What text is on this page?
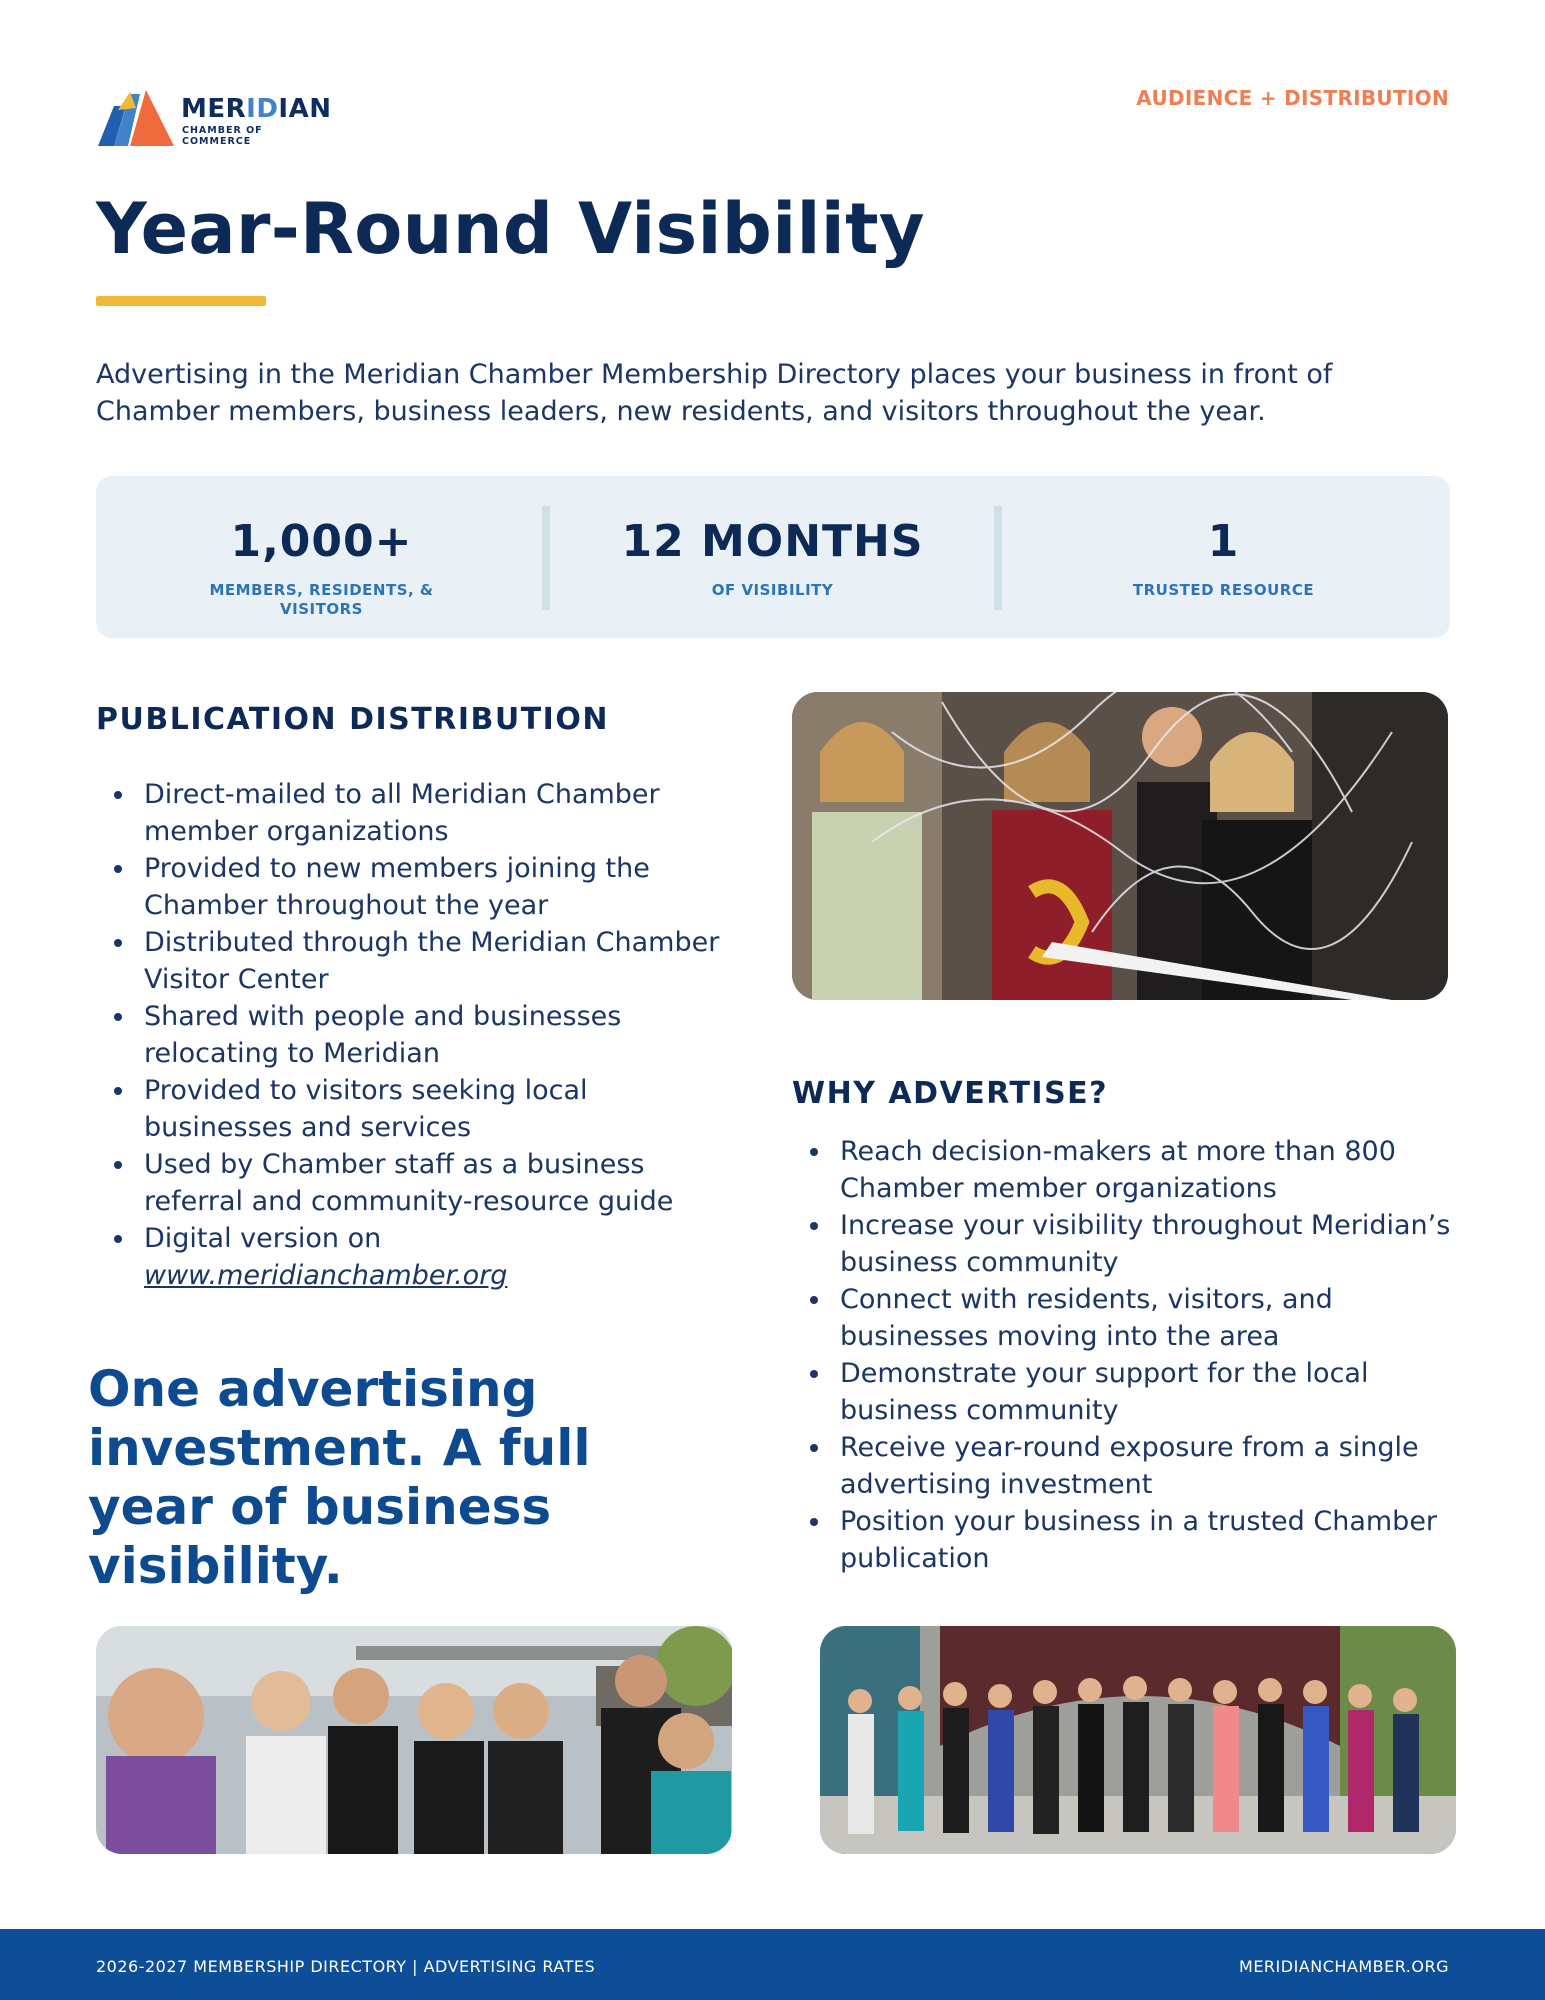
MERIDIAN
CHAMBER OF COMMERCE
AUDIENCE + DISTRIBUTION
Year-Round Visibility

Advertising in the Meridian Chamber Membership Directory places your business in front of Chamber members, business leaders, new residents, and visitors throughout the year.

1,000+
MEMBERS, RESIDENTS, & VISITORS
12 MONTHS
OF VISIBILITY
1
TRUSTED RESOURCE
PUBLICATION DISTRIBUTION
Direct-mailed to all Meridian Chamber member organizations
Provided to new members joining the Chamber throughout the year
Distributed through the Meridian Chamber Visitor Center
Shared with people and businesses relocating to Meridian
Provided to visitors seeking local businesses and services
Used by Chamber staff as a business referral and community-resource guide
Digital version on
www.meridianchamber.org

One advertising investment. A full year of business visibility.

WHY ADVERTISE?
Reach decision-makers at more than 800 Chamber member organizations
Increase your visibility throughout Meridian’s business community
Connect with residents, visitors, and businesses moving into the area
Demonstrate your support for the local business community
Receive year-round exposure from a single advertising investment
Position your business in a trusted Chamber publication
2026-2027 MEMBERSHIP DIRECTORY | ADVERTISING RATES	MERIDIANCHAMBER.ORG
